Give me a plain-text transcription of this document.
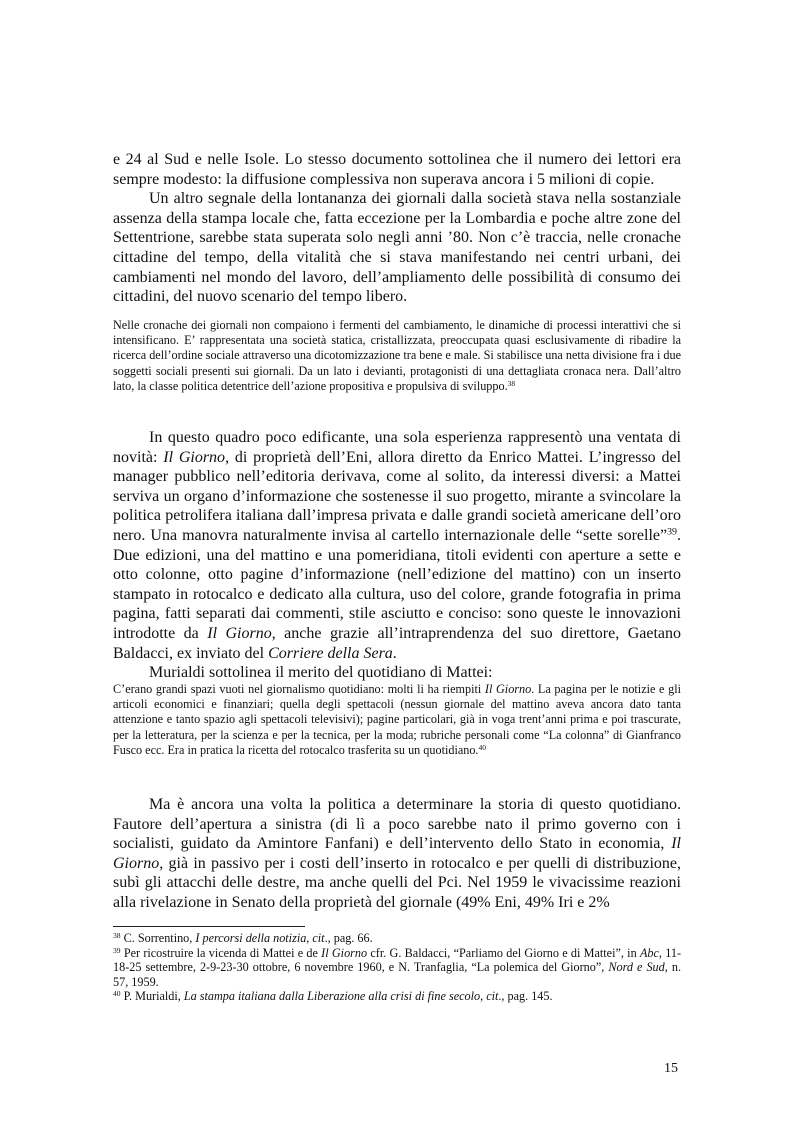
e 24 al Sud e nelle Isole. Lo stesso documento sottolinea che il numero dei lettori era sempre modesto: la diffusione complessiva non superava ancora i 5 milioni di copie.

Un altro segnale della lontananza dei giornali dalla società stava nella sostanziale assenza della stampa locale che, fatta eccezione per la Lombardia e poche altre zone del Settentrione, sarebbe stata superata solo negli anni ’80. Non c’è traccia, nelle cronache cittadine del tempo, della vitalità che si stava manifestando nei centri urbani, dei cambiamenti nel mondo del lavoro, dell’ampliamento delle possibilità di consumo dei cittadini, del nuovo scenario del tempo libero.

Nelle cronache dei giornali non compaiono i fermenti del cambiamento, le dinamiche di processi interattivi che si intensificano. E’ rappresentata una società statica, cristallizzata, preoccupata quasi esclusivamente di ribadire la ricerca dell’ordine sociale attraverso una dicotomizzazione tra bene e male. Si stabilisce una netta divisione fra i due soggetti sociali presenti sui giornali. Da un lato i devianti, protagonisti di una dettagliata cronaca nera. Dall’altro lato, la classe politica detentrice dell’azione propositiva e propulsiva di sviluppo.$^{38}$

In questo quadro poco edificante, una sola esperienza rappresentò una ventata di novità: Il Giorno, di proprietà dell’Eni, allora diretto da Enrico Mattei. L’ingresso del manager pubblico nell’editoria derivava, come al solito, da interessi diversi: a Mattei serviva un organo d’informazione che sostenesse il suo progetto, mirante a svincolare la politica petrolifera italiana dall’impresa privata e dalle grandi società americane dell’oro nero. Una manovra naturalmente invisa al cartello internazionale delle “sette sorelle”$^{39}$. Due edizioni, una del mattino e una pomeridiana, titoli evidenti con aperture a sette e otto colonne, otto pagine d’informazione (nell’edizione del mattino) con un inserto stampato in rotocalco e dedicato alla cultura, uso del colore, grande fotografia in prima pagina, fatti separati dai commenti, stile asciutto e conciso: sono queste le innovazioni introdotte da Il Giorno, anche grazie all’intraprendenza del suo direttore, Gaetano Baldacci, ex inviato del Corriere della Sera.

Murialdi sottolinea il merito del quotidiano di Mattei:

C’erano grandi spazi vuoti nel giornalismo quotidiano: molti li ha riempiti Il Giorno. La pagina per le notizie e gli articoli economici e finanziari; quella degli spettacoli (nessun giornale del mattino aveva ancora dato tanta attenzione e tanto spazio agli spettacoli televisivi); pagine particolari, già in voga trent’anni prima e poi trascurate, per la letteratura, per la scienza e per la tecnica, per la moda; rubriche personali come “La colonna” di Gianfranco Fusco ecc. Era in pratica la ricetta del rotocalco trasferita su un quotidiano.$^{40}$

Ma è ancora una volta la politica a determinare la storia di questo quotidiano. Fautore dell’apertura a sinistra (di lì a poco sarebbe nato il primo governo con i socialisti, guidato da Amintore Fanfani) e dell’intervento dello Stato in economia, Il Giorno, già in passivo per i costi dell’inserto in rotocalco e per quelli di distribuzione, subì gli attacchi delle destre, ma anche quelli del Pci. Nel 1959 le vivacissime reazioni alla rivelazione in Senato della proprietà del giornale (49% Eni, 49% Iri e 2%

$^{38}$ C. Sorrentino, I percorsi della notizia, cit., pag. 66.

$^{39}$ Per ricostruire la vicenda di Mattei e de Il Giorno cfr. G. Baldacci, “Parliamo del Giorno e di Mattei”, in Abc, 11-18-25 settembre, 2-9-23-30 ottobre, 6 novembre 1960, e N. Tranfaglia, “La polemica del Giorno”, Nord e Sud, n. 57, 1959.

$^{40}$ P. Murialdi, La stampa italiana dalla Liberazione alla crisi di fine secolo, cit., pag. 145.

15
